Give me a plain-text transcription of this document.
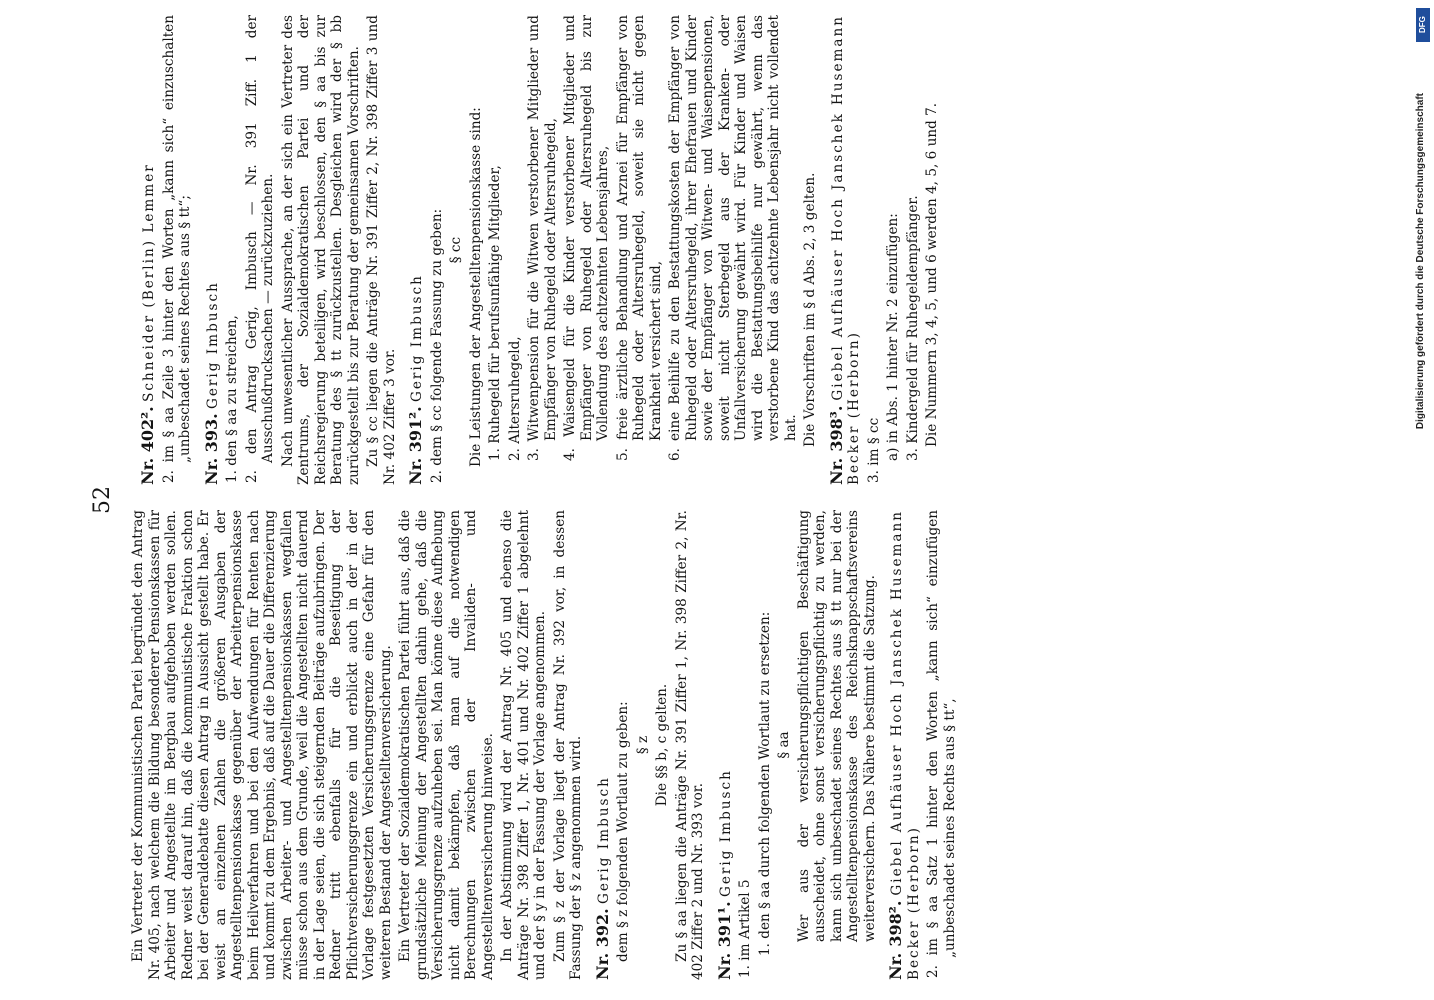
52

Ein Vertreter der Kommunistischen Partei begründet den Antrag Nr. 405, nach welchem die Bildung besonderer Pensionskassen für Arbeiter und Angestellte im Bergbau aufgehoben werden sollen. Redner weist darauf hin, daß die kommunistische Fraktion schon bei der Generaldebatte diesen Antrag in Aussicht gestellt habe. Er weist an einzelnen Zahlen die größeren Ausgaben der Angestelltenpensionskasse gegenüber der Arbeiterpensionskasse beim Heilverfahren und bei den Aufwendungen für Renten nach und kommt zu dem Ergebnis, daß auf die Dauer die Differenzierung zwischen Arbeiter- und Angestelltenpensionskassen wegfallen müsse schon aus dem Grunde, weil die Angestellten nicht dauernd in der Lage seien, die sich steigernden Beiträge aufzubringen. Der Redner tritt ebenfalls für die Beseitigung der Pflichtversicherungsgrenze ein und erblickt auch in der in der Vorlage festgesetzten Versicherungsgrenze eine Gefahr für den weiteren Bestand der Angestelltenversicherung. Ein Vertreter der Sozialdemokratischen Partei führt aus, daß die grundsätzliche Meinung der Angestellten dahin gehe, daß die Versicherungsgrenze aufzuheben sei. Man könne diese Aufhebung nicht damit bekämpfen, daß man auf die notwendigen Berechnungen zwischen der Invaliden- und Angestelltenversicherung hinweise. In der Abstimmung wird der Antrag Nr. 405 und ebenso die Anträge Nr. 398 Ziffer 1, Nr. 401 und Nr. 402 Ziffer 1 abgelehnt und der § y in der Fassung der Vorlage angenommen. Zum § z der Vorlage liegt der Antrag Nr. 392 vor, in dessen Fassung der § z angenommen wird. Nr. 392. Gerig Imbusch dem § z folgenden Wortlaut zu geben: § z Die §§ b, c gelten. Zu § aa liegen die Anträge Nr. 391 Ziffer 1, Nr. 398 Ziffer 2, Nr. 402 Ziffer 2 und Nr. 393 vor. Nr. 391¹. Gerig Imbusch

1. im Artikel 5 1. den § aa durch folgenden Wortlaut zu ersetzen: § aa Wer aus der versicherungspflichtigen Beschäftigung ausscheidet, ohne sonst versicherungspflichtig zu werden, kann sich unbeschadet seines Rechtes aus § tt nur bei der Angestelltenpensionskasse des Reichsknappschaftsvereins weiterversichern. Das Nähere bestimmt die Satzung. Nr. 398². Giebel Aufhäuser Hoch Janschek Husemann Becker (Herborn) 2. im § aa Satz 1 hinter den Worten „kann sich“ einzufügen „unbeschadet seines Rechts aus § tt“,

Nr. 402². Schneider (Berlin) Lemmer 2. im § aa Zeile 3 hinter den Worten „kann sich“ einzuschalten „unbeschadet seines Rechtes aus § tt“; Nr. 393. Gerig Imbusch 1. den § aa zu streichen, 2. den Antrag Gerig, Imbusch — Nr. 391 Ziff. 1 der Ausschußdrucksachen — zurückzuziehen. Nach unwesentlicher Aussprache, an der sich ein Vertreter des Zentrums, der Sozialdemokratischen Partei und der Reichsregierung beteiligen, wird beschlossen, den § aa bis zur Beratung des § tt zurückzustellen. Desgleichen wird der § bb zurückgestellt bis zur Beratung der gemeinsamen Vorschriften. Zu § cc liegen die Anträge Nr. 391 Ziffer 2, Nr. 398 Ziffer 3 und Nr. 402 Ziffer 3 vor. Nr. 391². Gerig Imbusch 2. dem § cc folgende Fassung zu geben: § cc Die Leistungen der Angestelltenpensionskasse sind: 1. Ruhegeld für berufsunfähige Mitglieder, 2. Altersruhegeld, 3. Witwenpension für die Witwen verstorbener Mitglieder und Empfänger von Ruhegeld oder Altersruhegeld, 4. Waisengeld für die Kinder verstorbener Mitglieder und Empfänger von Ruhegeld oder Altersruhegeld bis zur Vollendung des achtzehnten Lebensjahres, 5. freie ärztliche Behandlung und Arznei für Empfänger von Ruhegeld oder Altersruhegeld, soweit sie nicht gegen Krankheit versichert sind, 6. eine Beihilfe zu den Bestattungskosten der Empfänger von Ruhegeld oder Altersruhegeld, ihrer Ehefrauen und Kinder sowie der Empfänger von Witwen- und Waisenpensionen, soweit nicht Sterbegeld aus der Kranken- oder Unfallversicherung gewährt wird. Für Kinder und Waisen wird die Bestattungsbeihilfe nur gewährt, wenn das verstorbene Kind das achtzehnte Lebensjahr nicht vollendet hat. Die Vorschriften im § d Abs. 2, 3 gelten. Nr. 398³. Giebel Aufhäuser Hoch Janschek Husemann Becker (Herborn) 3. im § cc a) in Abs. 1 hinter Nr. 2 einzufügen: 3. Kindergeld für Ruhegeldempfänger. Die Nummern 3, 4, 5, und 6 werden 4, 5, 6 und 7.

DFG
Digitalisierung gefördert durch die Deutsche Forschungsgemeinschaft
